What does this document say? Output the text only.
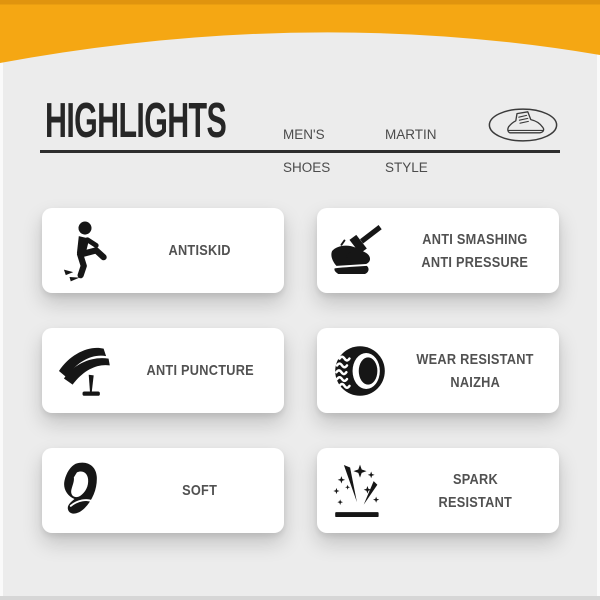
HIGHLIGHTS	MEN'S

SHOES

MARTIN

STYLE

ANTISKID
ANTI SMASHING
ANTI PRESSURE
ANTI PUNCTURE
WEAR RESISTANT
NAIZHA
SOFT
SPARK
RESISTANT
